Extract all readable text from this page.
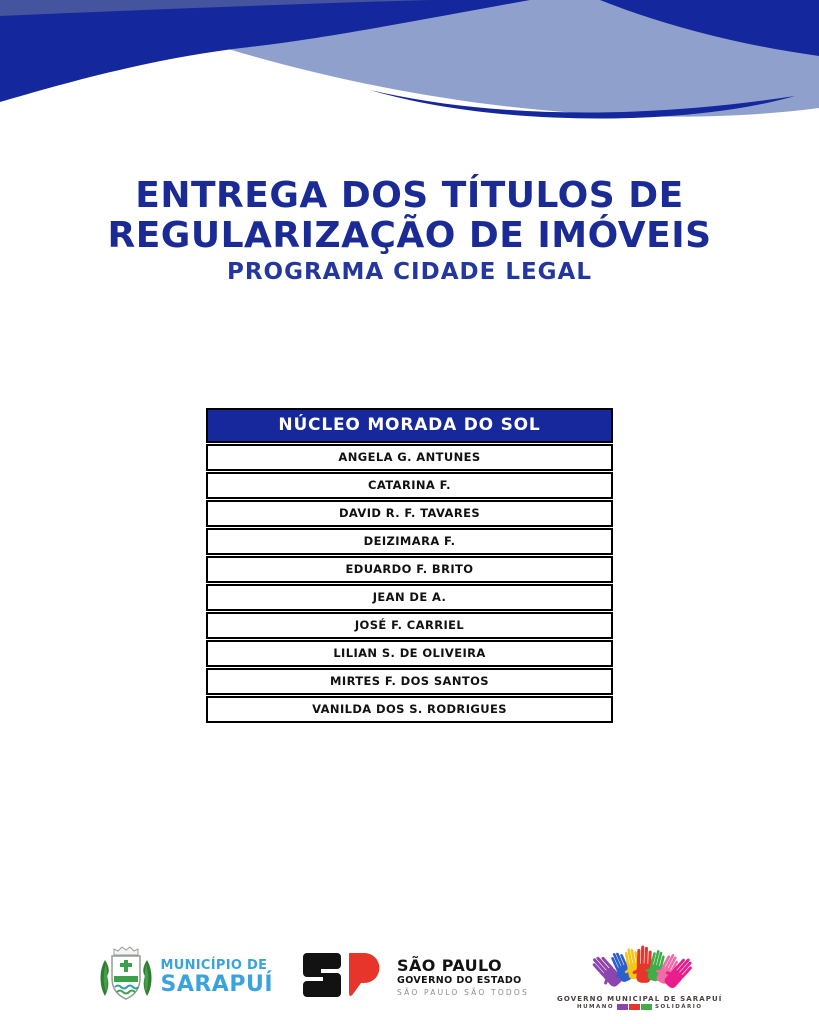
ENTREGA DOS TÍTULOS DE
REGULARIZAÇÃO DE IMÓVEIS
PROGRAMA CIDADE LEGAL
NÚCLEO MORADA DO SOL
ANGELA G. ANTUNES
CATARINA F.
DAVID R. F. TAVARES
DEIZIMARA F.
EDUARDO F. BRITO
JEAN DE A.
JOSÉ F. CARRIEL
LILIAN S. DE OLIVEIRA
MIRTES F. DOS SANTOS
VANILDA DOS S. RODRIGUES
MUNICÍPIO DE
SARAPUÍ
SÃO PAULO
GOVERNO DO ESTADO
SÃO PAULO SÃO TODOS
GOVERNO MUNICIPAL DE SARAPUÍ
HUMANO	SOLIDÁRIO
